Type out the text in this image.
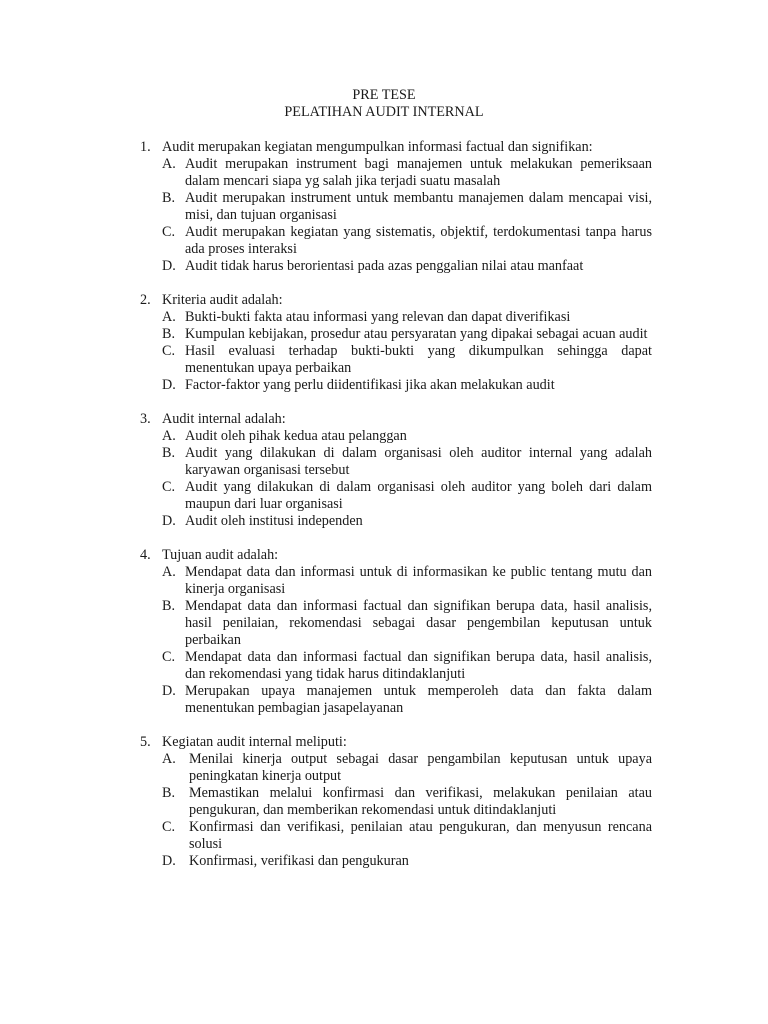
PRE TESE
PELATIHAN AUDIT INTERNAL
1. Audit merupakan kegiatan mengumpulkan informasi factual dan signifikan:
A. Audit merupakan instrument bagi manajemen untuk melakukan pemeriksaan dalam mencari siapa yg salah jika terjadi suatu masalah
B. Audit merupakan instrument untuk membantu manajemen dalam mencapai visi, misi, dan tujuan organisasi
C. Audit merupakan kegiatan yang sistematis, objektif, terdokumentasi tanpa harus ada proses interaksi
D. Audit tidak harus berorientasi pada azas penggalian nilai atau manfaat
2. Kriteria audit adalah:
A. Bukti-bukti fakta atau informasi yang relevan dan dapat diverifikasi
B. Kumpulan kebijakan, prosedur atau persyaratan yang dipakai sebagai acuan audit
C. Hasil evaluasi terhadap bukti-bukti yang dikumpulkan sehingga dapat menentukan upaya perbaikan
D. Factor-faktor yang perlu diidentifikasi jika akan melakukan audit
3. Audit internal adalah:
A. Audit oleh pihak kedua atau pelanggan
B. Audit yang dilakukan di dalam organisasi oleh auditor internal yang adalah karyawan organisasi tersebut
C. Audit yang dilakukan di dalam organisasi oleh auditor yang boleh dari dalam maupun dari luar organisasi
D. Audit oleh institusi independen
4. Tujuan audit adalah:
A. Mendapat data dan informasi untuk di informasikan ke public tentang mutu dan kinerja organisasi
B. Mendapat data dan informasi factual dan signifikan berupa data, hasil analisis, hasil penilaian, rekomendasi sebagai dasar pengembilan keputusan untuk perbaikan
C. Mendapat data dan informasi factual dan signifikan berupa data, hasil analisis, dan rekomendasi yang tidak harus ditindaklanjuti
D. Merupakan upaya manajemen untuk memperoleh data dan fakta dalam menentukan pembagian jasapelayanan
5. Kegiatan audit internal meliputi:
A. Menilai kinerja output sebagai dasar pengambilan keputusan untuk upaya peningkatan kinerja output
B. Memastikan melalui konfirmasi dan verifikasi, melakukan penilaian atau pengukuran, dan memberikan rekomendasi untuk ditindaklanjuti
C. Konfirmasi dan verifikasi, penilaian atau pengukuran, dan menyusun rencana solusi
D. Konfirmasi, verifikasi dan pengukuran
